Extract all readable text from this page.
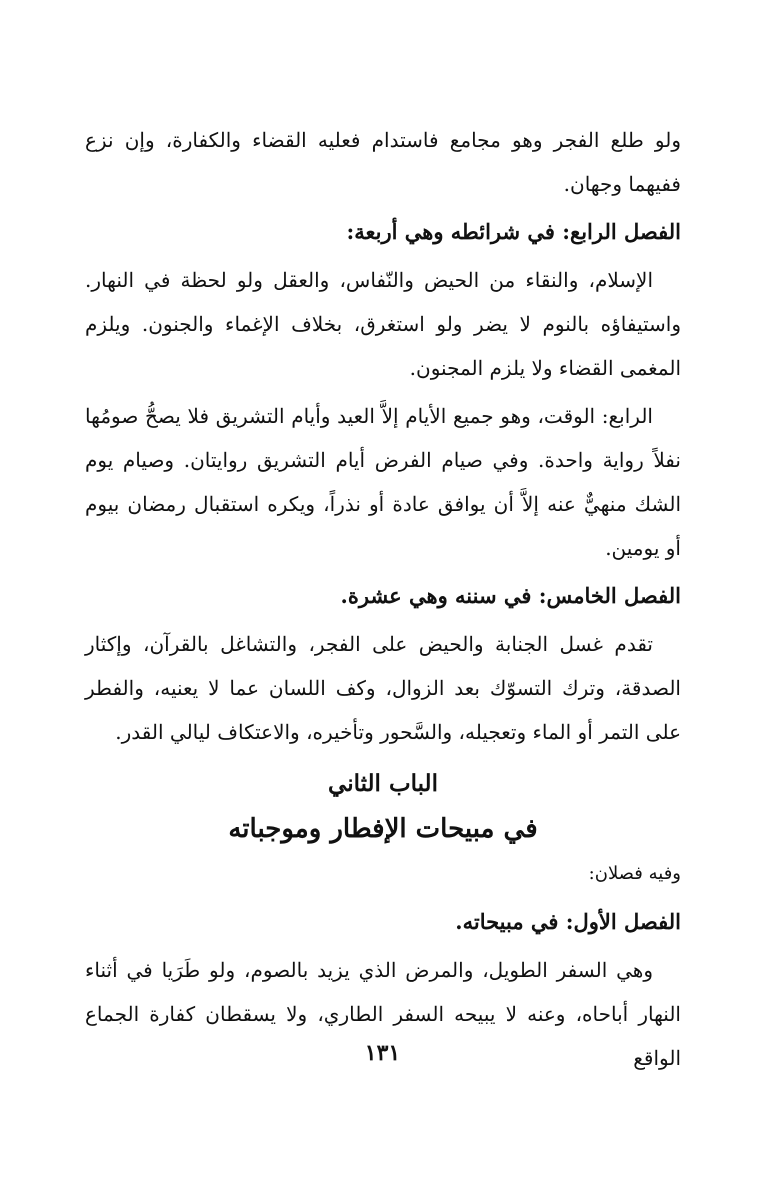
ولو طلع الفجر وهو مجامع فاستدام فعليه القضاء والكفارة، وإن نزع ففيهما وجهان.

الفصل الرابع: في شرائطه وهي أربعة:

الإسلام، والنقاء من الحيض والنّفاس، والعقل ولو لحظة في النهار. واستيفاؤه بالنوم لا يضر ولو استغرق، بخلاف الإغماء والجنون. ويلزم المغمى القضاء ولا يلزم المجنون.

الرابع: الوقت، وهو جميع الأيام إلاَّ العيد وأيام التشريق فلا يصحُّ صومُها نفلاً رواية واحدة. وفي صيام الفرض أيام التشريق روايتان. وصيام يوم الشك منهيٌّ عنه إلاَّ أن يوافق عادة أو نذراً، ويكره استقبال رمضان بيوم أو يومين.

الفصل الخامس: في سننه وهي عشرة.

تقدم غسل الجنابة والحيض على الفجر، والتشاغل بالقرآن، وإكثار الصدقة، وترك التسوّك بعد الزوال، وكف اللسان عما لا يعنيه، والفطر على التمر أو الماء وتعجيله، والسَّحور وتأخيره، والاعتكاف ليالي القدر.

الباب الثاني
في مبيحات الإفطار وموجباته

وفيه فصلان:

الفصل الأول: في مبيحاته.

وهي السفر الطويل، والمرض الذي يزيد بالصوم، ولو طَرَيا في أثناء النهار أباحاه، وعنه لا يبيحه السفر الطاري، ولا يسقطان كفارة الجماع الواقع

١٣١
